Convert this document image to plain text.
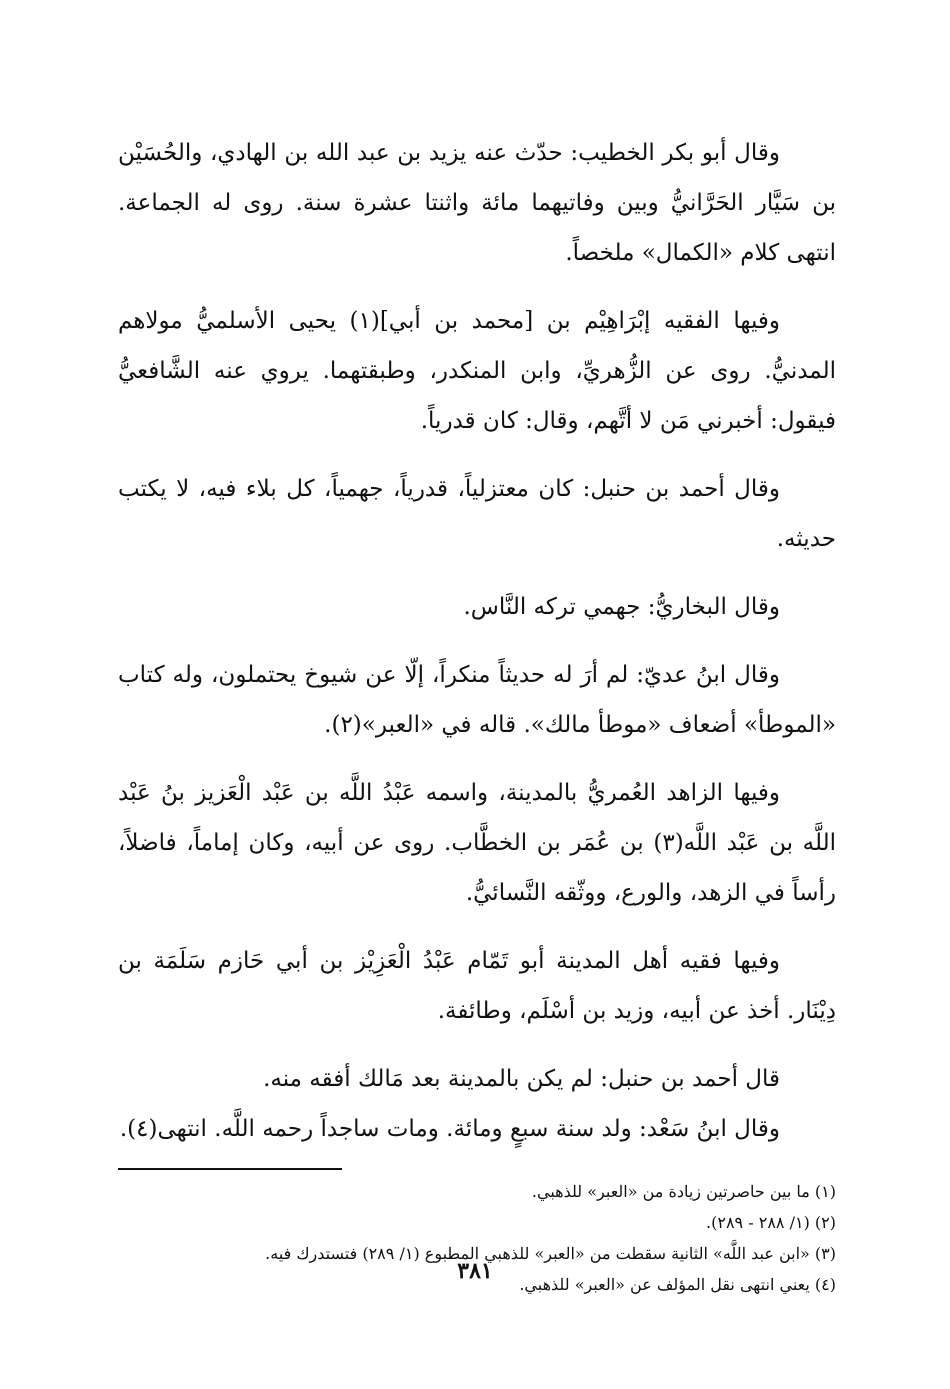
وقال أبو بكر الخطيب: حدّث عنه يزيد بن عبد الله بن الهادي، والحُسَيْن بن سَيَّار الحَرَّانيُّ وبين وفاتيهما مائة واثنتا عشرة سنة. روى له الجماعة. انتهى كلام «الكمال» ملخصاً.

وفيها الفقيه إبْرَاهِيْم بن [محمد بن أبي](١) يحيى الأسلميُّ مولاهم المدنيُّ. روى عن الزُّهريِّ، وابن المنكدر، وطبقتهما. يروي عنه الشَّافعيُّ فيقول: أخبرني مَن لا أتَّهم، وقال: كان قدرياً.

وقال أحمد بن حنبل: كان معتزلياً، قدرياً، جهمياً، كل بلاء فيه، لا يكتب حديثه.

وقال البخاريُّ: جهمي تركه النَّاس.

وقال ابنُ عديّ: لم أرَ له حديثاً منكراً، إلّا عن شيوخ يحتملون، وله كتاب «الموطأ» أضعاف «موطأ مالك». قاله في «العبر»(٢).

وفيها الزاهد العُمريُّ بالمدينة، واسمه عَبْدُ اللَّه بن عَبْد الْعَزيز بنُ عَبْد اللَّه بن عَبْد اللَّه(٣) بن عُمَر بن الخطَّاب. روى عن أبيه، وكان إماماً، فاضلاً، رأساً في الزهد، والورع، ووثّقه النَّسائيُّ.

وفيها فقيه أهل المدينة أبو تَمّام عَبْدُ الْعَزِيْز بن أبي حَازم سَلَمَة بن دِيْنَار. أخذ عن أبيه، وزيد بن أسْلَم، وطائفة.

قال أحمد بن حنبل: لم يكن بالمدينة بعد مَالك أفقه منه.

وقال ابنُ سَعْد: ولد سنة سبعٍ ومائة. ومات ساجداً رحمه اللَّه. انتهى(٤).

(١) ما بين حاصرتين زيادة من «العبر» للذهبي.

(٢) (١/ ٢٨٨ - ٢٨٩).

(٣) «ابن عبد اللَّه» الثانية سقطت من «العبر» للذهبي المطبوع (١/ ٢٨٩) فتستدرك فيه.

(٤) يعني انتهى نقل المؤلف عن «العبر» للذهبي.

٣٨١
